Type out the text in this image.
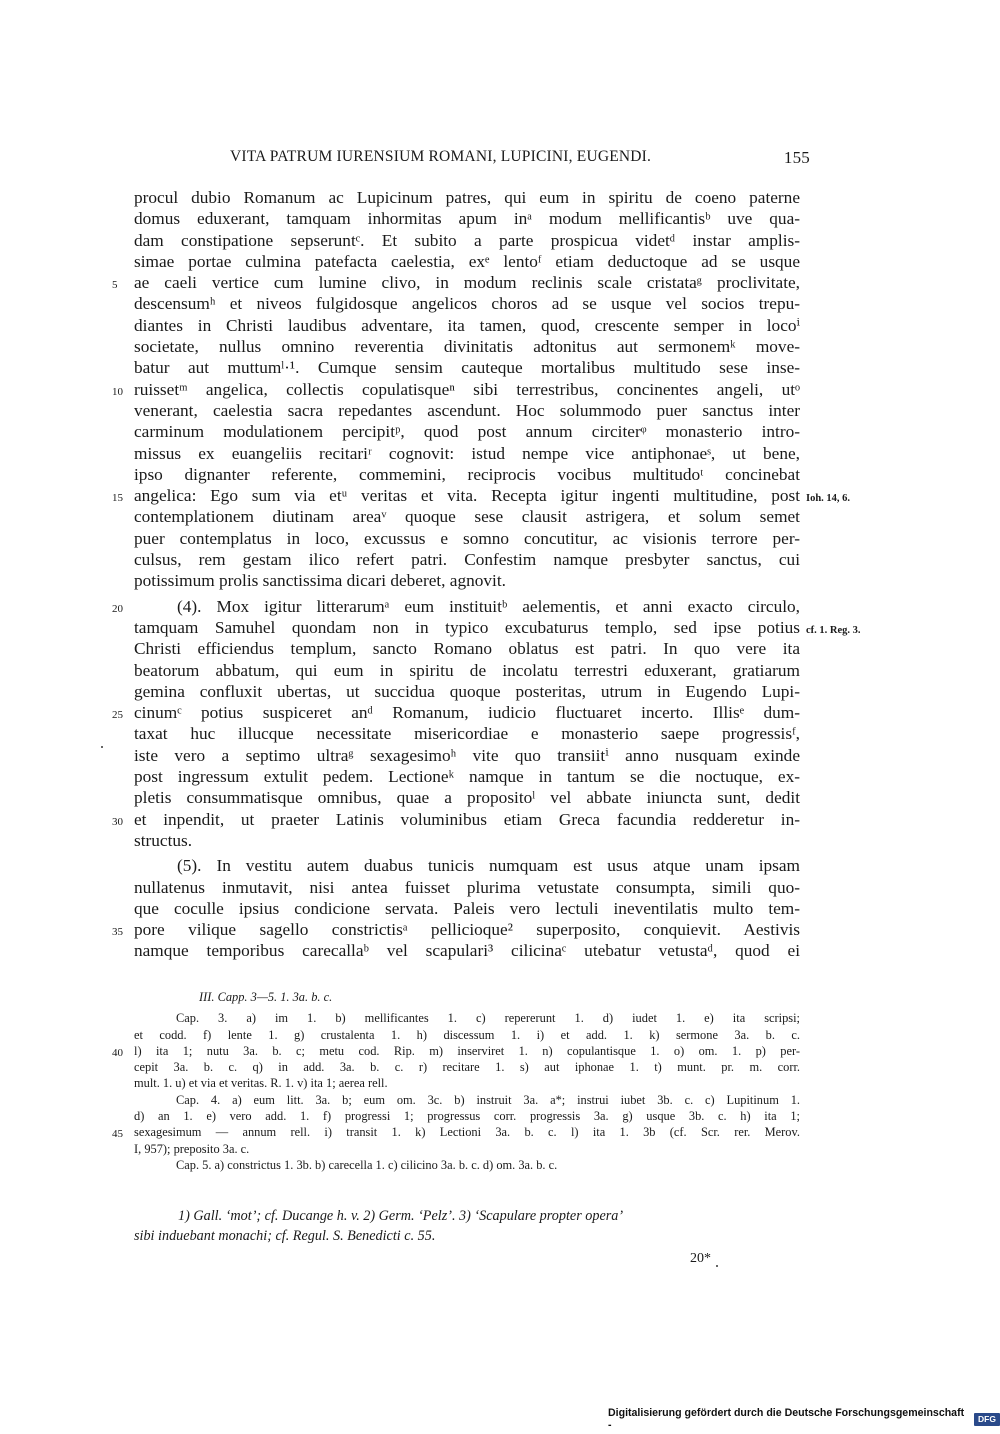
VITA PATRUM IURENSIUM ROMANI, LUPICINI, EUGENDI.	155
procul dubio Romanum ac Lupicinum patres, qui eum in spiritu de coeno paterne
domus eduxerant, tamquam inhormitas apum inᵃ modum mellificantisᵇ uve qua-
dam constipatione sepseruntᶜ. Et subito a parte prospicua videtᵈ instar amplis-
simae portae culmina patefacta caelestia, exᵉ lentoᶠ etiam deductoque ad se usque
ae caeli vertice cum lumine clivo, in modum reclinis scale cristataᵍ proclivitate,
5
descensumʰ et niveos fulgidosque angelicos choros ad se usque vel socios trepu-
diantes in Christi laudibus adventare, ita tamen, quod, crescente semper in locoⁱ
societate, nullus omnino reverentia divinitatis adtonitus aut sermonemᵏ move-
batur aut muttumˡ·¹. Cumque sensim cauteque mortalibus multitudo sese inse-
ruissetᵐ angelica, collectis copulatisqueⁿ sibi terrestribus, concinentes angeli, utᵒ
10
venerant, caelestia sacra repedantes ascendunt. Hoc solummodo puer sanctus inter
carminum modulationem percipitᵖ, quod post annum circiterᵠ monasterio intro-
missus ex euangeliis recitariʳ cognovit: istud nempe vice antiphonaeˢ, ut bene,
ipso dignanter referente, commemini, reciprocis vocibus multitudoᵗ concinebat
angelica: Ego sum via etᵘ veritas et vita. Recepta igitur ingenti multitudine, post
15	Ioh. 14, 6.
contemplationem diutinam areaᵛ quoque sese clausit astrigera, et solum semet
puer contemplatus in loco, excussus e somno concutitur, ac visionis terrore per-
culsus, rem gestam ilico refert patri. Confestim namque presbyter sanctus, cui
potissimum prolis sanctissima dicari deberet, agnovit.
(4). Mox igitur litterarumᵃ eum instituitᵇ aelementis, et anni exacto circulo,
20
tamquam Samuhel quondam non in typico excubaturus templo, sed ipse potius cf. 1. Reg. 3.
Christi efficiendus templum, sancto Romano oblatus est patri. In quo vere ita
beatorum abbatum, qui eum in spiritu de incolatu terrestri eduxerant, gratiarum
gemina confluxit ubertas, ut succidua quoque posteritas, utrum in Eugendo Lupi-
cinumᶜ potius suspiceret anᵈ Romanum, iudicio fluctuaret incerto. Illisᵉ dum-
25
taxat huc illucque necessitate misericordiae e monasterio saepe progressisᶠ,
iste vero a septimo ultraᵍ sexagesimoʰ vite quo transiitⁱ anno nusquam exinde
post ingressum extulit pedem. Lectioneᵏ namque in tantum se die noctuque, ex-
pletis consummatisque omnibus, quae a propositoˡ vel abbate iniuncta sunt, dedit
et inpendit, ut praeter Latinis voluminibus etiam Greca facundia redderetur in-
30
structus.
(5). In vestitu autem duabus tunicis numquam est usus atque unam ipsam
nullatenus inmutavit, nisi antea fuisset plurima vetustate consumpta, simili quo-
que coculle ipsius condicione servata. Paleis vero lectuli ineventilatis multo tem-
pore vilique sagello constrictisᵃ pellicioque² superposito, conquievit. Aestivis
35
namque temporibus carecallaᵇ vel scapulari³ cilicinaᶜ utebatur vetustaᵈ, quod ei
III. Capp. 3—5. 1. 3a. b. c.
Cap. 3. a) im 1. b) mellificantes 1. c) repererunt 1. d) iudet 1. e) ita scripsi;
et codd. f) lente 1. g) crustalenta 1. h) discessum 1. i) et add. 1. k) sermone 3a. b. c.
l) ita 1; nutu 3a. b. c; metu cod. Rip. m) inserviret 1. n) copulantisque 1. o) om. 1. p) per-
40
cepit 3a. b. c. q) in add. 3a. b. c. r) recitare 1. s) aut iphonae 1. t) munt. pr. m. corr.
mult. 1. u) et via et veritas. R. 1. v) ita 1; aerea rell.
Cap. 4. a) eum litt. 3a. b; eum om. 3c. b) instruit 3a. a*; instrui iubet 3b. c. c) Lupitinum 1.
d) an 1. e) vero add. 1. f) progressi 1; progressus corr. progressis 3a. g) usque 3b. c. h) ita 1;
sexagesimum — annum rell. i) transit 1. k) Lectioni 3a. b. c. l) ita 1. 3b (cf. Scr. rer. Merov.
45
I, 957); preposito 3a. c.
Cap. 5. a) constrictus 1. 3b. b) carecella 1. c) cilicino 3a. b. c. d) om. 3a. b. c.
1) Gall. ‘mot’; cf. Ducange h. v. 2) Germ. ‘Pelz’. 3) ‘Scapulare propter opera’
sibi induebant monachi; cf. Regul. S. Benedicti c. 55.
20*
Digitalisierung gefördert durch die Deutsche Forschungsgemeinschaft -
DFG
